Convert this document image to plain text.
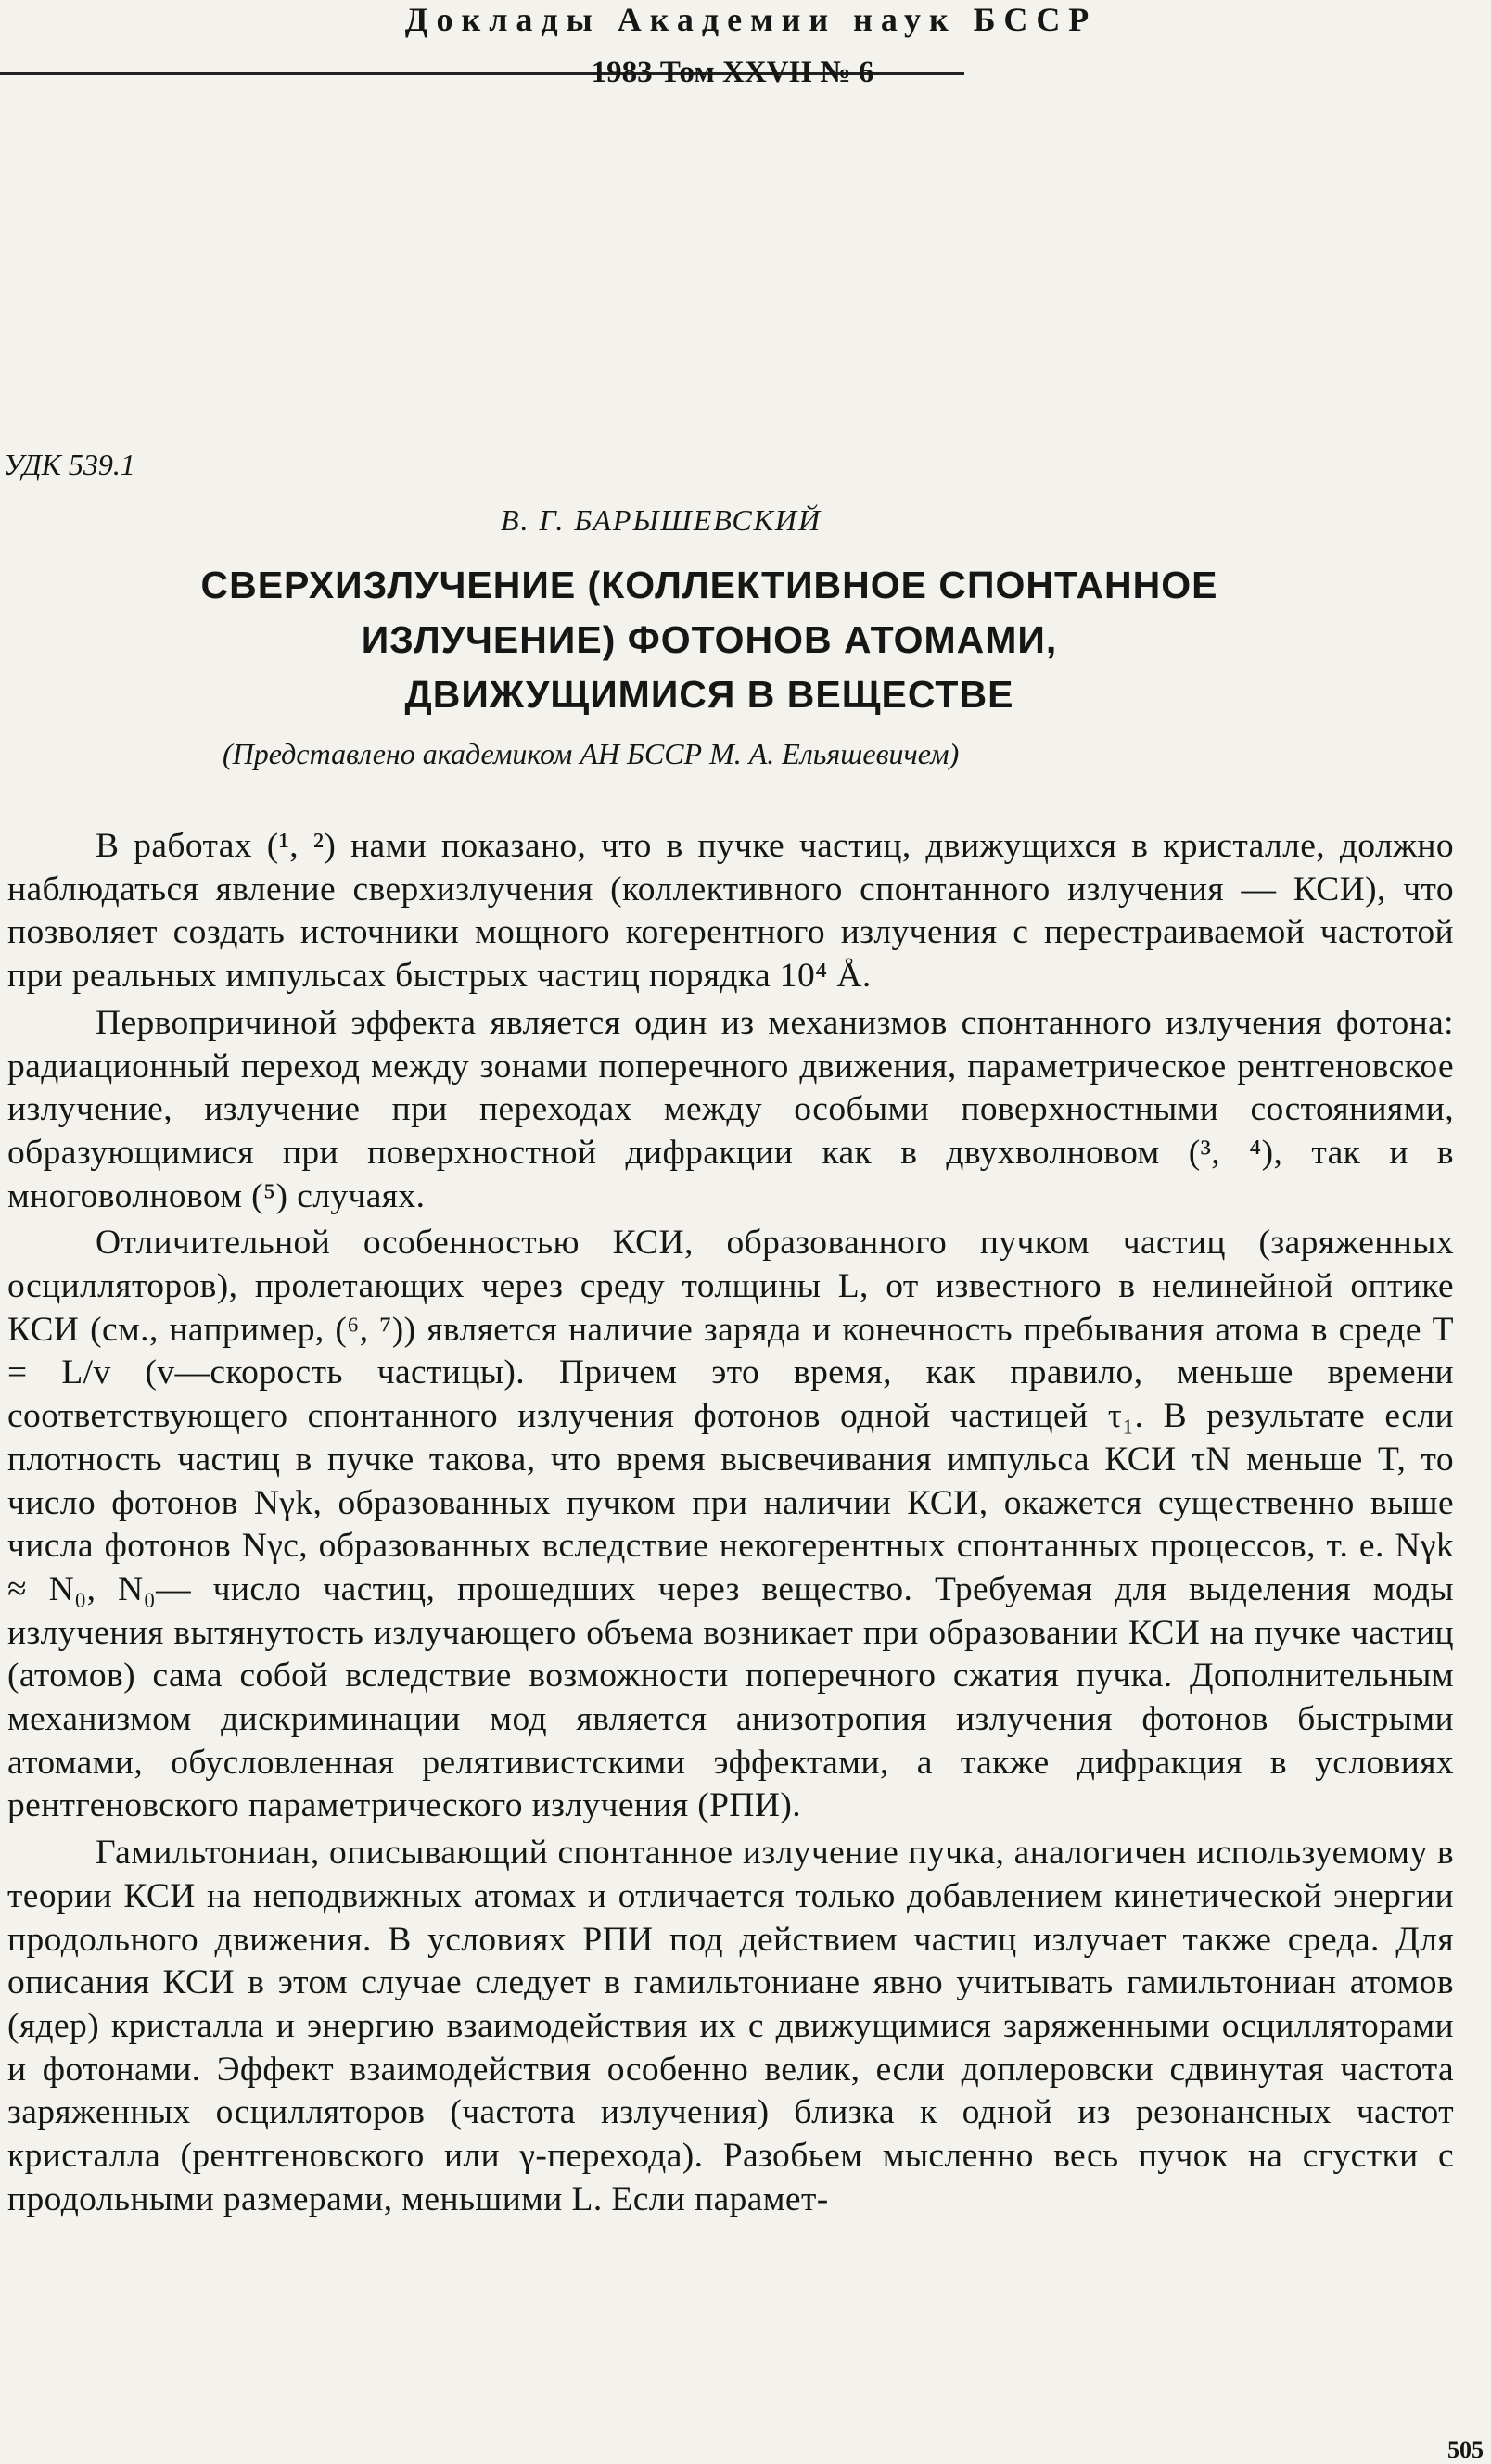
Доклады Академии наук БССР
1983 Том XXVII № 6
УДК 539.1
В. Г. БАРЫШЕВСКИЙ
СВЕРХИЗЛУЧЕНИЕ (КОЛЛЕКТИВНОЕ СПОНТАННОЕ
ИЗЛУЧЕНИЕ) ФОТОНОВ АТОМАМИ,
ДВИЖУЩИМИСЯ В ВЕЩЕСТВЕ
(Представлено академиком АН БССР М. А. Ельяшевичем)

В работах (¹, ²) нами показано, что в пучке частиц, движущихся в кристалле, должно наблюдаться явление сверхизлучения (коллективного спонтанного излучения — КСИ), что позволяет создать источники мощного когерентного излучения с перестраиваемой частотой при реальных импульсах быстрых частиц порядка 10⁴ Å.

Первопричиной эффекта является один из механизмов спонтанного излучения фотона: радиационный переход между зонами поперечного движения, параметрическое рентгеновское излучение, излучение при переходах между особыми поверхностными состояниями, образующимися при поверхностной дифракции как в двухволновом (³, ⁴), так и в многоволновом (⁵) случаях.

Отличительной особенностью КСИ, образованного пучком частиц (заряженных осцилляторов), пролетающих через среду толщины L, от известного в нелинейной оптике КСИ (см., например, (⁶, ⁷)) является наличие заряда и конечность пребывания атома в среде T = L/v (v—скорость частицы). Причем это время, как правило, меньше времени соответствующего спонтанного излучения фотонов одной частицей τ₁. В результате если плотность частиц в пучке такова, что время высвечивания импульса КСИ τN меньше T, то число фотонов Nγk, образованных пучком при наличии КСИ, окажется существенно выше числа фотонов Nγc, образованных вследствие некогерентных спонтанных процессов, т. е. Nγk ≈ N₀, N₀— число частиц, прошедших через вещество. Требуемая для выделения моды излучения вытянутость излучающего объема возникает при образовании КСИ на пучке частиц (атомов) сама собой вследствие возможности поперечного сжатия пучка. Дополнительным механизмом дискриминации мод является анизотропия излучения фотонов быстрыми атомами, обусловленная релятивистскими эффектами, а также дифракция в условиях рентгеновского параметрического излучения (РПИ).

Гамильтониан, описывающий спонтанное излучение пучка, аналогичен используемому в теории КСИ на неподвижных атомах и отличается только добавлением кинетической энергии продольного движения. В условиях РПИ под действием частиц излучает также среда. Для описания КСИ в этом случае следует в гамильтониане явно учитывать гамильтониан атомов (ядер) кристалла и энергию взаимодействия их с движущимися заряженными осцилляторами и фотонами. Эффект взаимодействия особенно велик, если доплеровски сдвинутая частота заряженных осцилляторов (частота излучения) близка к одной из резонансных частот кристалла (рентгеновского или γ-перехода). Разобьем мысленно весь пучок на сгустки с продольными размерами, меньшими L. Если парамет-

505
